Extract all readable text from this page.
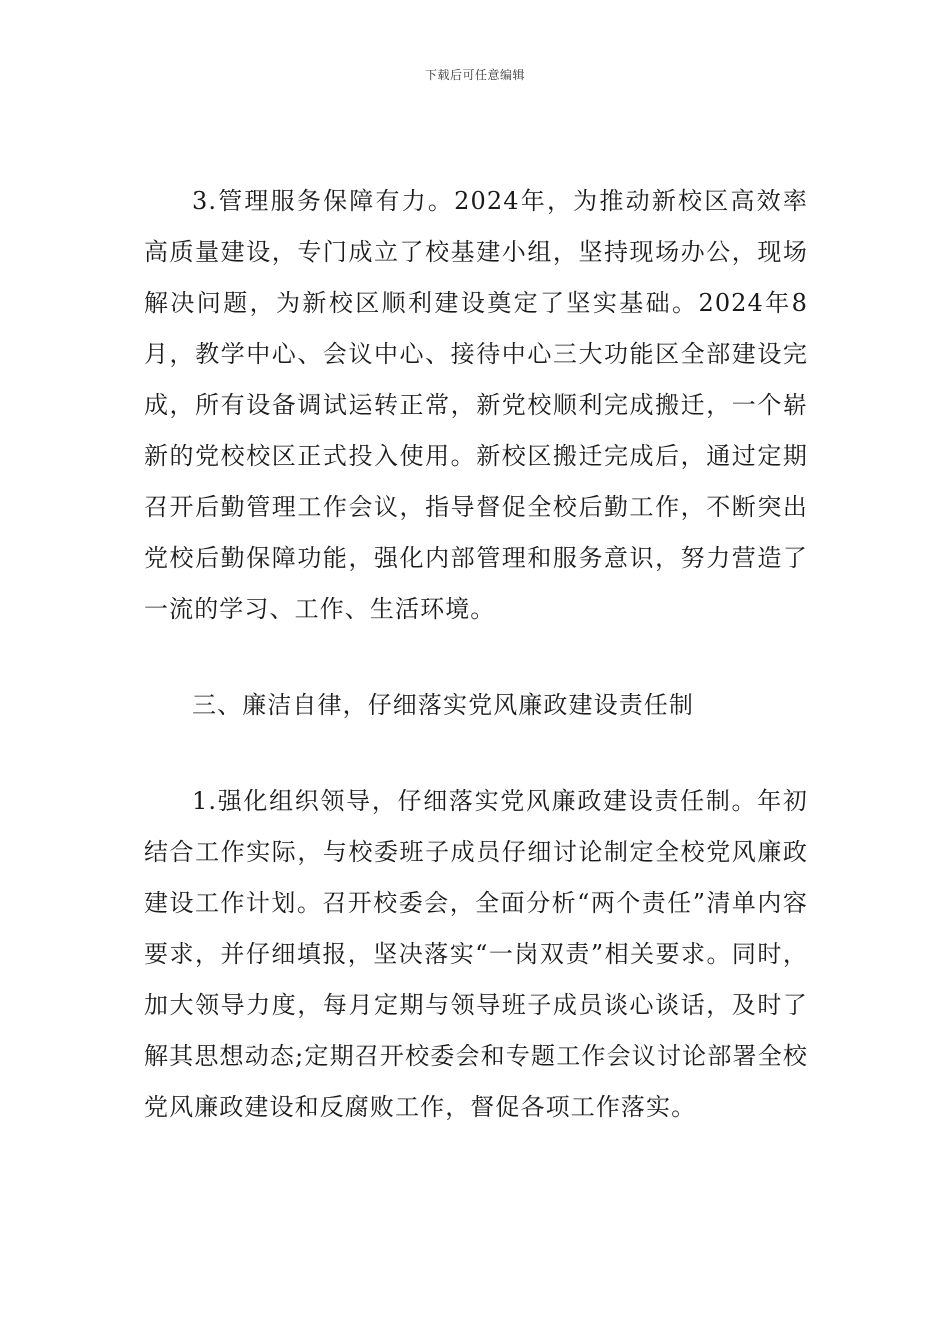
下载后可任意编辑

3.管理服务保障有力。2024年，为推动新校区高效率高质量建设，专门成立了校基建小组，坚持现场办公，现场解决问题，为新校区顺利建设奠定了坚实基础。2024年8月，教学中心、会议中心、接待中心三大功能区全部建设完成，所有设备调试运转正常，新党校顺利完成搬迁，一个崭新的党校校区正式投入使用。新校区搬迁完成后，通过定期召开后勤管理工作会议，指导督促全校后勤工作，不断突出党校后勤保障功能，强化内部管理和服务意识，努力营造了一流的学习、工作、生活环境。

三、廉洁自律，仔细落实党风廉政建设责任制

1.强化组织领导，仔细落实党风廉政建设责任制。年初结合工作实际，与校委班子成员仔细讨论制定全校党风廉政建设工作计划。召开校委会，全面分析“两个责任”清单内容要求，并仔细填报，坚决落实“一岗双责”相关要求。同时，加大领导力度，每月定期与领导班子成员谈心谈话，及时了解其思想动态;定期召开校委会和专题工作会议讨论部署全校党风廉政建设和反腐败工作，督促各项工作落实。
